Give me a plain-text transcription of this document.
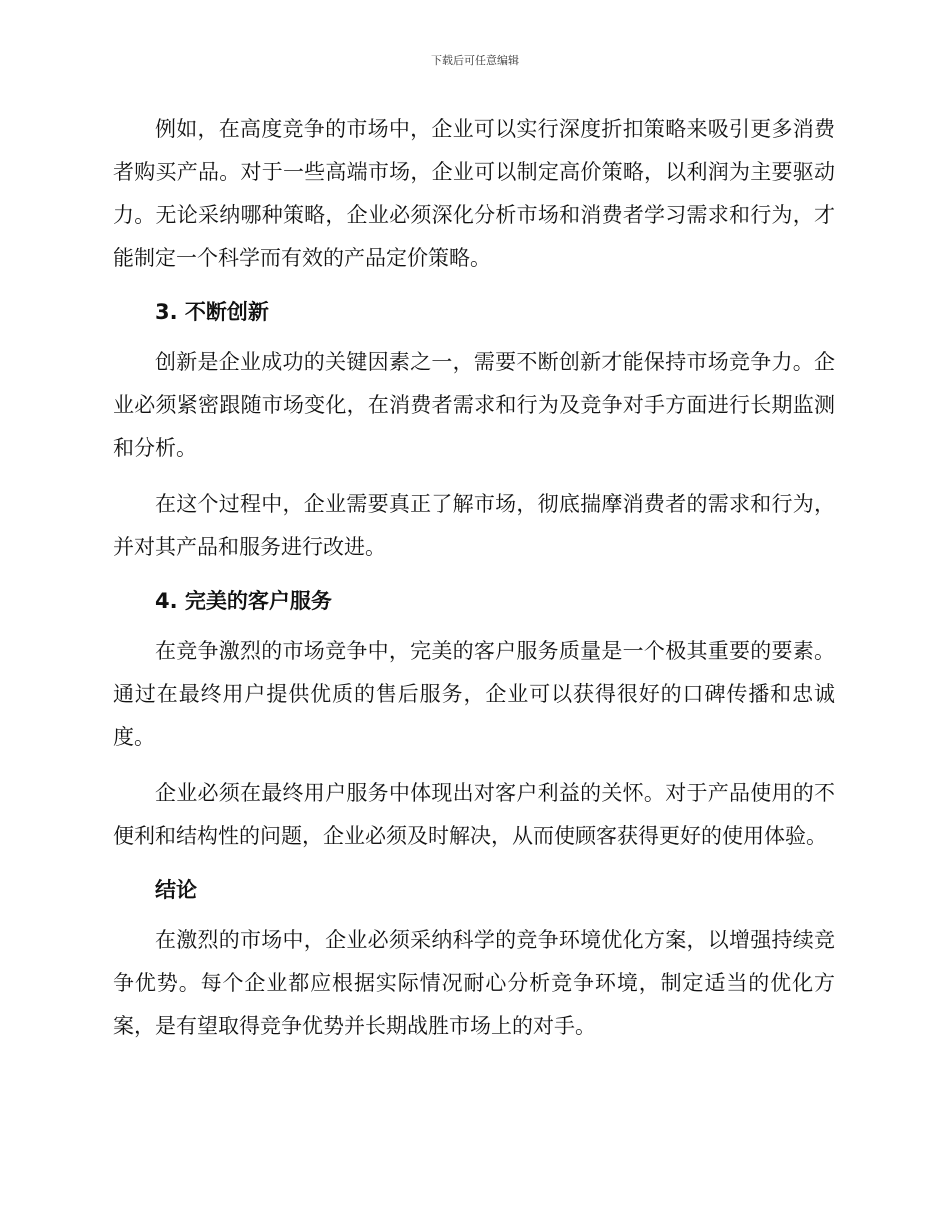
下载后可任意编辑

例如，在高度竞争的市场中，企业可以实行深度折扣策略来吸引更多消费者购买产品。对于一些高端市场，企业可以制定高价策略，以利润为主要驱动力。无论采纳哪种策略，企业必须深化分析市场和消费者学习需求和行为，才能制定一个科学而有效的产品定价策略。

3. 不断创新

创新是企业成功的关键因素之一，需要不断创新才能保持市场竞争力。企业必须紧密跟随市场变化，在消费者需求和行为及竞争对手方面进行长期监测和分析。

在这个过程中，企业需要真正了解市场，彻底揣摩消费者的需求和行为，并对其产品和服务进行改进。

4. 完美的客户服务

在竞争激烈的市场竞争中，完美的客户服务质量是一个极其重要的要素。通过在最终用户提供优质的售后服务，企业可以获得很好的口碑传播和忠诚度。

企业必须在最终用户服务中体现出对客户利益的关怀。对于产品使用的不便利和结构性的问题，企业必须及时解决，从而使顾客获得更好的使用体验。

结论

在激烈的市场中，企业必须采纳科学的竞争环境优化方案，以增强持续竞争优势。每个企业都应根据实际情况耐心分析竞争环境，制定适当的优化方案，是有望取得竞争优势并长期战胜市场上的对手。
